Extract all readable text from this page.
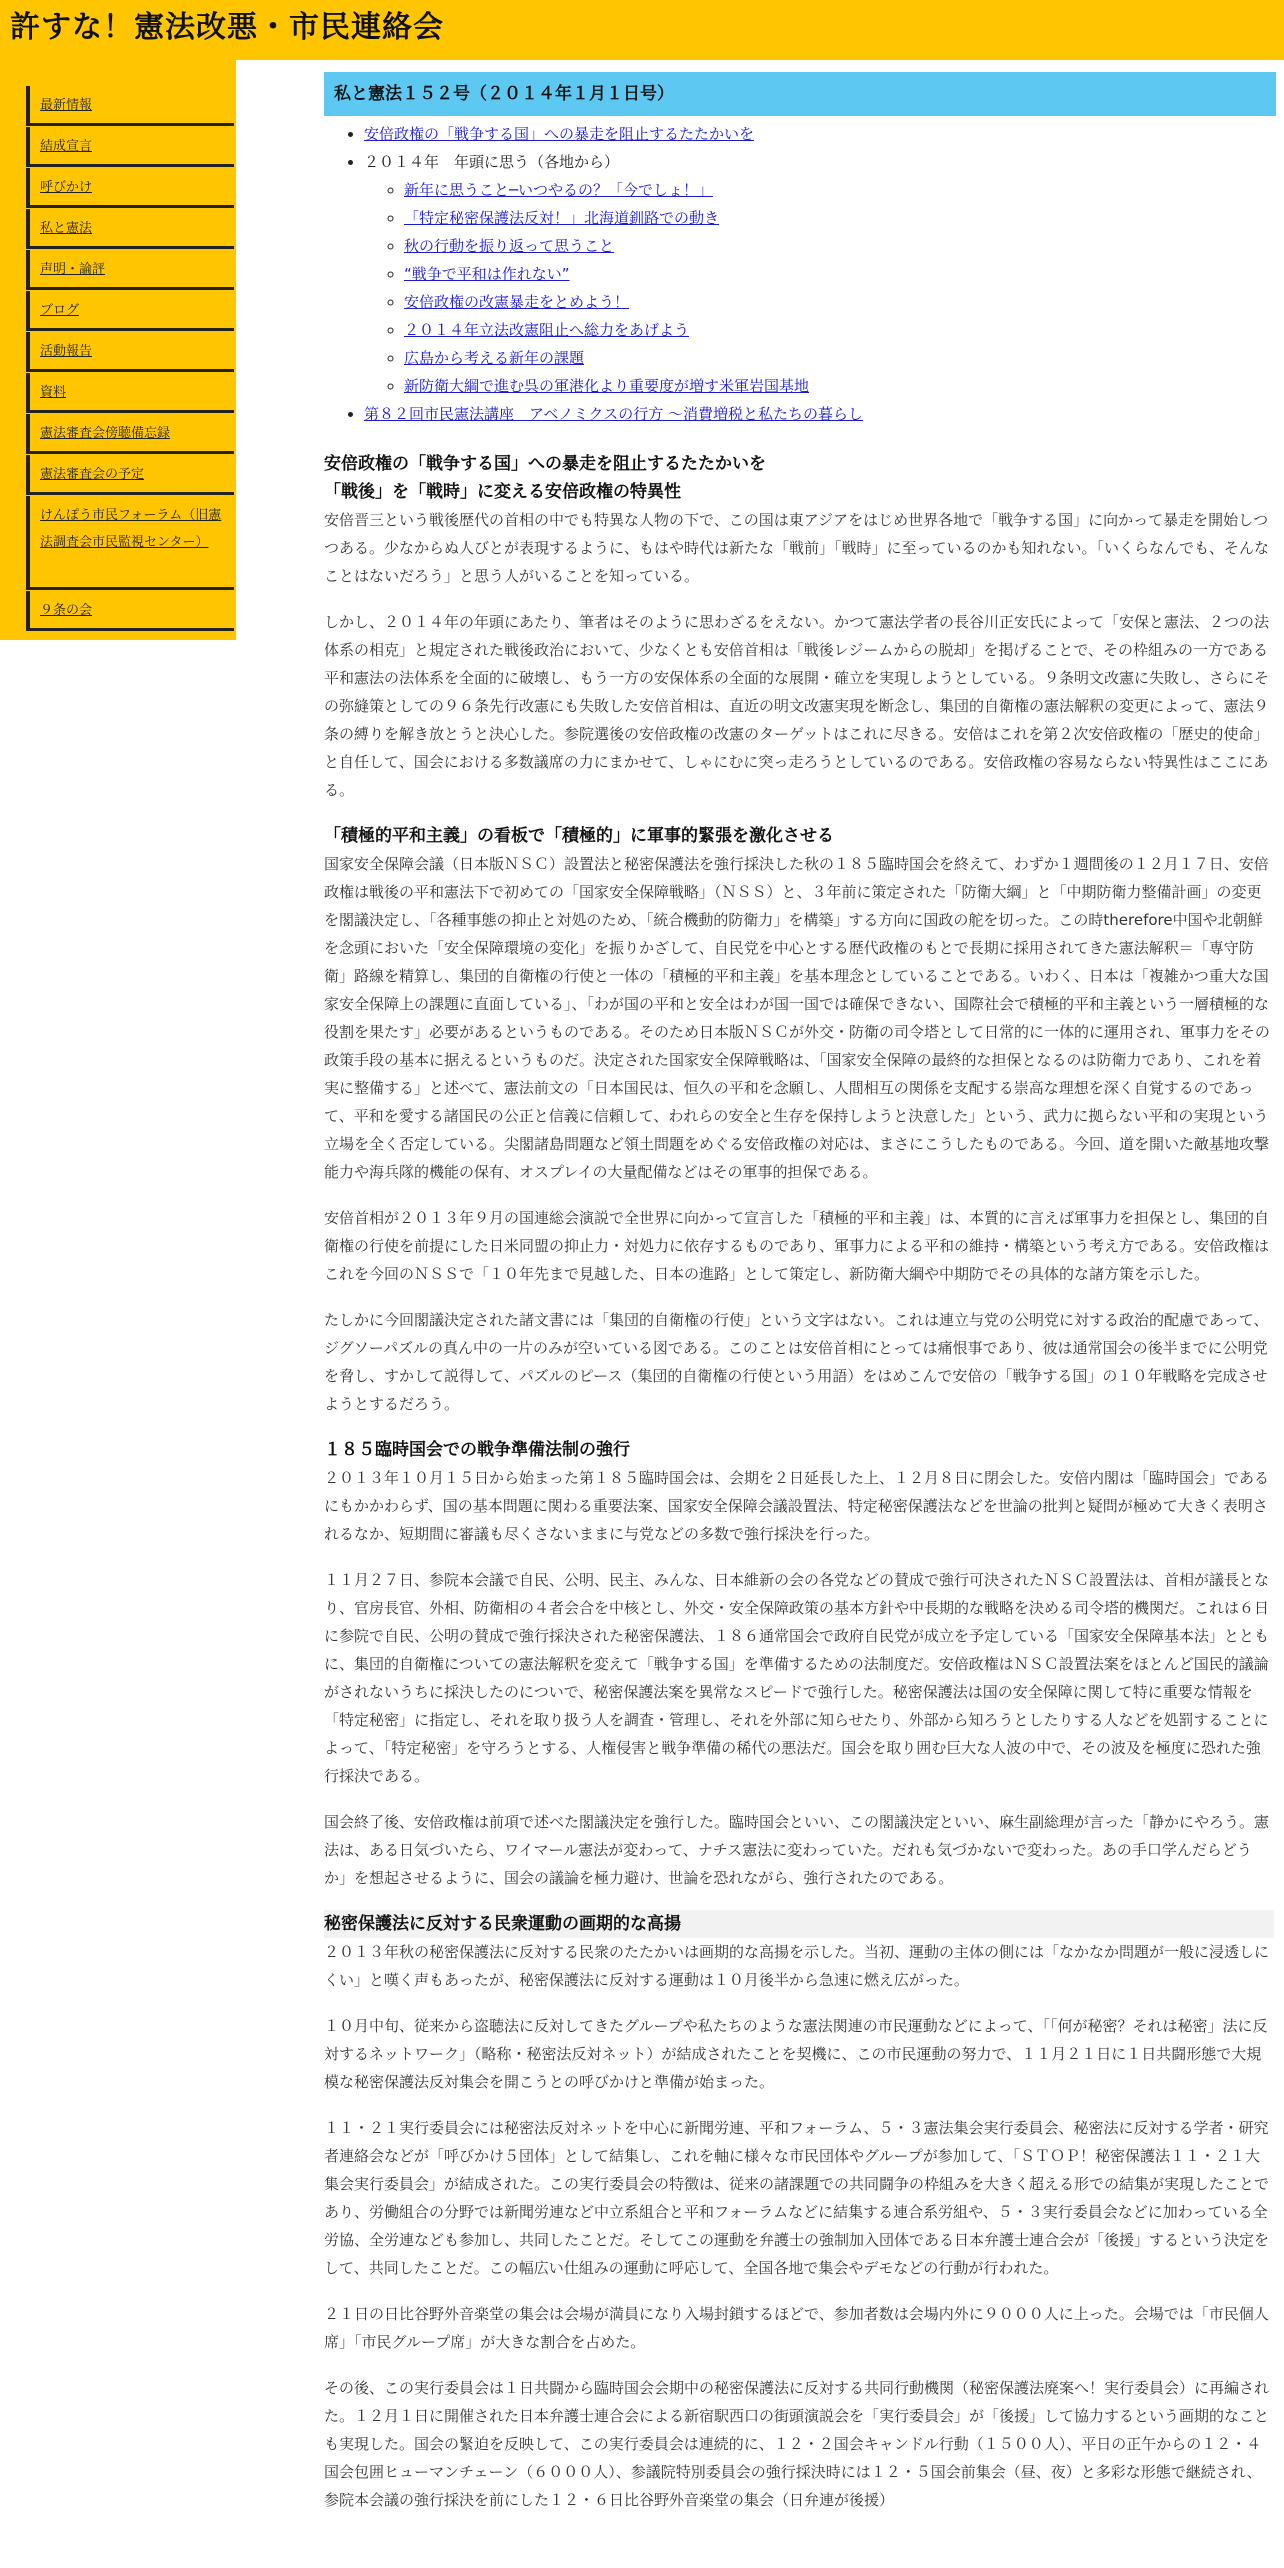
許すな！憲法改悪・市民連絡会
最新情報
結成宣言
呼びかけ
私と憲法
声明・論評
ブログ
活動報告
資料
憲法審査会傍聴備忘録
憲法審査会の予定
けんぽう市民フォーラム（旧憲法調査会市民監視センター）
９条の会
私と憲法１５２号（２０１４年１月１日号）
• 安倍政権の「戦争する国」への暴走を阻止するたたかいを
• ２０１４年　年頭に思う（各地から）
◦ 新年に思うこと─いつやるの？「今でしょ！」
◦ 「特定秘密保護法反対！」北海道釧路での動き
◦ 秋の行動を振り返って思うこと
◦ “戦争で平和は作れない”
◦ 安倍政権の改憲暴走をとめよう！
◦ ２０１４年立法改憲阻止へ総力をあげよう
◦ 広島から考える新年の課題
◦ 新防衛大綱で進む呉の軍港化より重要度が増す米軍岩国基地
• 第８２回市民憲法講座　アベノミクスの行方 ～消費増税と私たちの暮らし
安倍政権の「戦争する国」への暴走を阻止するたたかいを
「戦後」を「戦時」に変える安倍政権の特異性

安倍晋三という戦後歴代の首相の中でも特異な人物の下で、この国は東アジアをはじめ世界各地で「戦争する国」に向かって暴走を開始しつつある。少なからぬ人びとが表現するように、もはや時代は新たな「戦前」「戦時」に至っているのかも知れない。「いくらなんでも、そんなことはないだろう」と思う人がいることを知っている。

しかし、２０１４年の年頭にあたり、筆者はそのように思わざるをえない。かつて憲法学者の長谷川正安氏によって「安保と憲法、２つの法体系の相克」と規定された戦後政治において、少なくとも安倍首相は「戦後レジームからの脱却」を掲げることで、その枠組みの一方である平和憲法の法体系を全面的に破壊し、もう一方の安保体系の全面的な展開・確立を実現しようとしている。９条明文改憲に失敗し、さらにその弥縫策としての９６条先行改憲にも失敗した安倍首相は、直近の明文改憲実現を断念し、集団的自衛権の憲法解釈の変更によって、憲法９条の縛りを解き放とうと決心した。参院選後の安倍政権の改憲のターゲットはこれに尽きる。安倍はこれを第２次安倍政権の「歴史的使命」と自任して、国会における多数議席の力にまかせて、しゃにむに突っ走ろうとしているのである。安倍政権の容易ならない特異性はここにある。

「積極的平和主義」の看板で「積極的」に軍事的緊張を激化させる

国家安全保障会議（日本版ＮＳＣ）設置法と秘密保護法を強行採決した秋の１８５臨時国会を終えて、わずか１週間後の１２月１７日、安倍政権は戦後の平和憲法下で初めての「国家安全保障戦略」（ＮＳＳ）と、３年前に策定された「防衛大綱」と「中期防衛力整備計画」の変更を閣議決定し、「各種事態の抑止と対処のため、「統合機動的防衛力」を構築」する方向に国政の舵を切った。この時therefore中国や北朝鮮を念頭においた「安全保障環境の変化」を振りかざして、自民党を中心とする歴代政権のもとで長期に採用されてきた憲法解釈＝「専守防衛」路線を精算し、集団的自衛権の行使と一体の「積極的平和主義」を基本理念としていることである。いわく、日本は「複雑かつ重大な国家安全保障上の課題に直面している」、「わが国の平和と安全はわが国一国では確保できない、国際社会で積極的平和主義という一層積極的な役割を果たす」必要があるというものである。そのため日本版ＮＳＣが外交・防衛の司令塔として日常的に一体的に運用され、軍事力をその政策手段の基本に据えるというものだ。決定された国家安全保障戦略は、「国家安全保障の最終的な担保となるのは防衛力であり、これを着実に整備する」と述べて、憲法前文の「日本国民は、恒久の平和を念願し、人間相互の関係を支配する崇高な理想を深く自覚するのであって、平和を愛する諸国民の公正と信義に信頼して、われらの安全と生存を保持しようと決意した」という、武力に拠らない平和の実現という立場を全く否定している。尖閣諸島問題など領土問題をめぐる安倍政権の対応は、まさにこうしたものである。今回、道を開いた敵基地攻撃能力や海兵隊的機能の保有、オスプレイの大量配備などはその軍事的担保である。

安倍首相が２０１３年９月の国連総会演説で全世界に向かって宣言した「積極的平和主義」は、本質的に言えば軍事力を担保とし、集団的自衛権の行使を前提にした日米同盟の抑止力・対処力に依存するものであり、軍事力による平和の維持・構築という考え方である。安倍政権はこれを今回のＮＳＳで「１０年先まで見越した、日本の進路」として策定し、新防衛大綱や中期防でその具体的な諸方策を示した。

たしかに今回閣議決定された諸文書には「集団的自衛権の行使」という文字はない。これは連立与党の公明党に対する政治的配慮であって、ジグソーパズルの真ん中の一片のみが空いている図である。このことは安倍首相にとっては痛恨事であり、彼は通常国会の後半までに公明党を脅し、すかして説得して、パズルのピース（集団的自衛権の行使という用語）をはめこんで安倍の「戦争する国」の１０年戦略を完成させようとするだろう。

１８５臨時国会での戦争準備法制の強行

２０１３年１０月１５日から始まった第１８５臨時国会は、会期を２日延長した上、１２月８日に閉会した。安倍内閣は「臨時国会」であるにもかかわらず、国の基本問題に関わる重要法案、国家安全保障会議設置法、特定秘密保護法などを世論の批判と疑問が極めて大きく表明されるなか、短期間に審議も尽くさないままに与党などの多数で強行採決を行った。

１１月２７日、参院本会議で自民、公明、民主、みんな、日本維新の会の各党などの賛成で強行可決されたＮＳＣ設置法は、首相が議長となり、官房長官、外相、防衛相の４者会合を中核とし、外交・安全保障政策の基本方針や中長期的な戦略を決める司令塔的機関だ。これは６日に参院で自民、公明の賛成で強行採決された秘密保護法、１８６通常国会で政府自民党が成立を予定している「国家安全保障基本法」とともに、集団的自衛権についての憲法解釈を変えて「戦争する国」を準備するための法制度だ。安倍政権はＮＳＣ設置法案をほとんど国民的議論がされないうちに採決したのについで、秘密保護法案を異常なスピードで強行した。秘密保護法は国の安全保障に関して特に重要な情報を「特定秘密」に指定し、それを取り扱う人を調査・管理し、それを外部に知らせたり、外部から知ろうとしたりする人などを処罰することによって、「特定秘密」を守ろうとする、人権侵害と戦争準備の稀代の悪法だ。国会を取り囲む巨大な人波の中で、その波及を極度に恐れた強行採決である。

国会終了後、安倍政権は前項で述べた閣議決定を強行した。臨時国会といい、この閣議決定といい、麻生副総理が言った「静かにやろう。憲法は、ある日気づいたら、ワイマール憲法が変わって、ナチス憲法に変わっていた。だれも気づかないで変わった。あの手口学んだらどうか」を想起させるように、国会の議論を極力避け、世論を恐れながら、強行されたのである。

秘密保護法に反対する民衆運動の画期的な高揚

２０１３年秋の秘密保護法に反対する民衆のたたかいは画期的な高揚を示した。当初、運動の主体の側には「なかなか問題が一般に浸透しにくい」と嘆く声もあったが、秘密保護法に反対する運動は１０月後半から急速に燃え広がった。

１０月中旬、従来から盗聴法に反対してきたグループや私たちのような憲法関連の市民運動などによって、「「何が秘密？それは秘密」法に反対するネットワーク」（略称・秘密法反対ネット）が結成されたことを契機に、この市民運動の努力で、１１月２１日に１日共闘形態で大規模な秘密保護法反対集会を開こうとの呼びかけと準備が始まった。

１１・２１実行委員会には秘密法反対ネットを中心に新聞労連、平和フォーラム、５・３憲法集会実行委員会、秘密法に反対する学者・研究者連絡会などが「呼びかけ５団体」として結集し、これを軸に様々な市民団体やグループが参加して、「ＳＴＯＰ！秘密保護法１１・２１大集会実行委員会」が結成された。この実行委員会の特徴は、従来の諸課題での共同闘争の枠組みを大きく超える形での結集が実現したことであり、労働組合の分野では新聞労連など中立系組合と平和フォーラムなどに結集する連合系労組や、５・３実行委員会などに加わっている全労協、全労連なども参加し、共同したことだ。そしてこの運動を弁護士の強制加入団体である日本弁護士連合会が「後援」するという決定をして、共同したことだ。この幅広い仕組みの運動に呼応して、全国各地で集会やデモなどの行動が行われた。

２１日の日比谷野外音楽堂の集会は会場が満員になり入場封鎖するほどで、参加者数は会場内外に９０００人に上った。会場では「市民個人席」「市民グループ席」が大きな割合を占めた。

その後、この実行委員会は１日共闘から臨時国会会期中の秘密保護法に反対する共同行動機関（秘密保護法廃案へ！実行委員会）に再編された。１２月１日に開催された日本弁護士連合会による新宿駅西口の街頭演説会を「実行委員会」が「後援」して協力するという画期的なことも実現した。国会の緊迫を反映して、この実行委員会は連続的に、１２・２国会キャンドル行動（１５００人）、平日の正午からの１２・４国会包囲ヒューマンチェーン（６０００人）、参議院特別委員会の強行採決時には１２・５国会前集会（昼、夜）と多彩な形態で継続され、参院本会議の強行採決を前にした１２・６日比谷野外音楽堂の集会（日弁連が後援）
